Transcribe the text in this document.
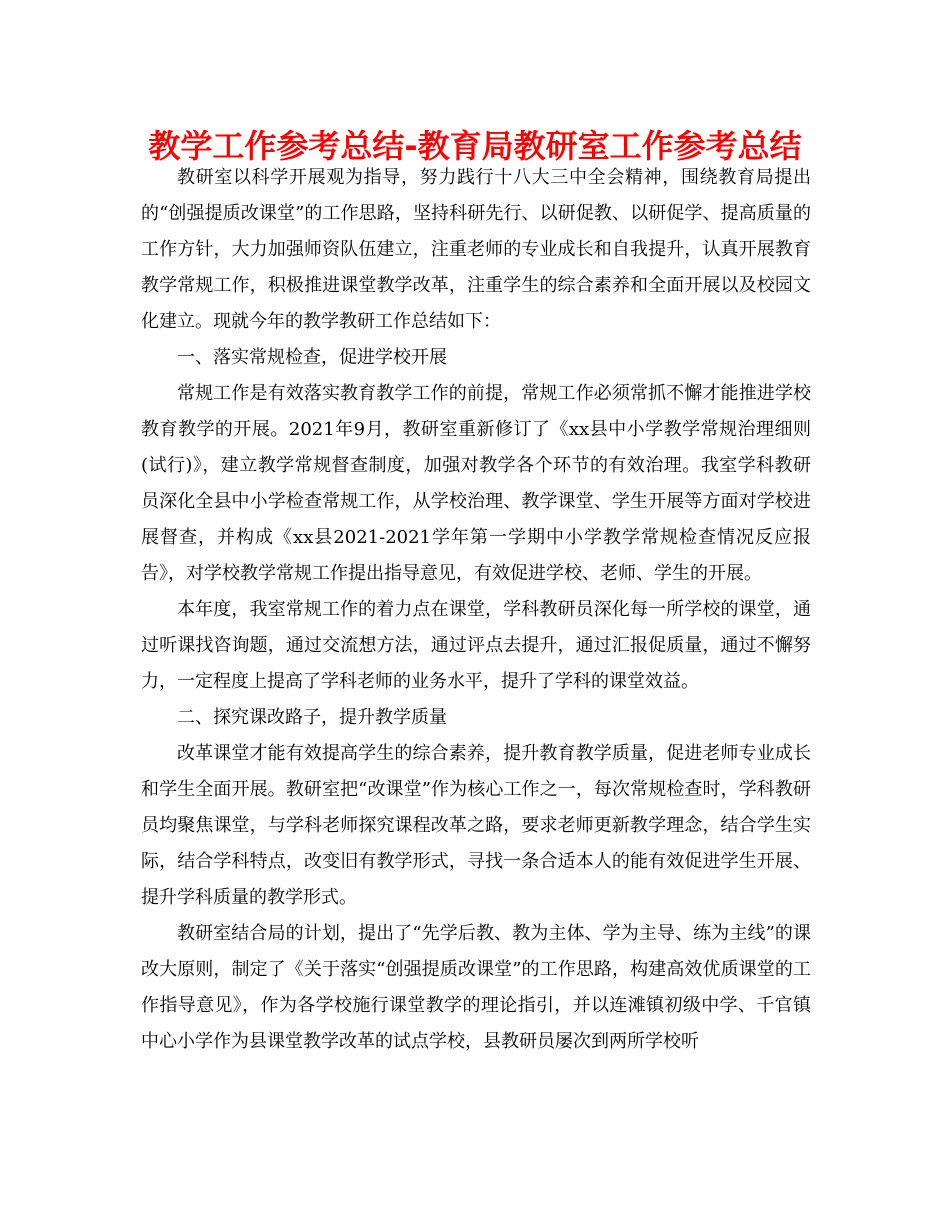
教学工作参考总结-教育局教研室工作参考总结

教研室以科学开展观为指导，努力践行十八大三中全会精神，围绕教育局提出的“创强提质改课堂”的工作思路，坚持科研先行、以研促教、以研促学、提高质量的工作方针，大力加强师资队伍建立，注重老师的专业成长和自我提升，认真开展教育教学常规工作，积极推进课堂教学改革，注重学生的综合素养和全面开展以及校园文化建立。现就今年的教学教研工作总结如下：

一、落实常规检查，促进学校开展

常规工作是有效落实教育教学工作的前提，常规工作必须常抓不懈才能推进学校教育教学的开展。2021年9月，教研室重新修订了《xx县中小学教学常规治理细则(试行)》，建立教学常规督查制度，加强对教学各个环节的有效治理。我室学科教研员深化全县中小学检查常规工作，从学校治理、教学课堂、学生开展等方面对学校进展督查，并构成《xx县2021-2021学年第一学期中小学教学常规检查情况反应报告》，对学校教学常规工作提出指导意见，有效促进学校、老师、学生的开展。

本年度，我室常规工作的着力点在课堂，学科教研员深化每一所学校的课堂，通过听课找咨询题，通过交流想方法，通过评点去提升，通过汇报促质量，通过不懈努力，一定程度上提高了学科老师的业务水平，提升了学科的课堂效益。

二、探究课改路子，提升教学质量

改革课堂才能有效提高学生的综合素养，提升教育教学质量，促进老师专业成长和学生全面开展。教研室把“改课堂”作为核心工作之一，每次常规检查时，学科教研员均聚焦课堂，与学科老师探究课程改革之路，要求老师更新教学理念，结合学生实际，结合学科特点，改变旧有教学形式，寻找一条合适本人的能有效促进学生开展、提升学科质量的教学形式。

教研室结合局的计划，提出了“先学后教、教为主体、学为主导、练为主线”的课改大原则，制定了《关于落实“创强提质改课堂”的工作思路，构建高效优质课堂的工作指导意见》，作为各学校施行课堂教学的理论指引，并以连滩镇初级中学、千官镇中心小学作为县课堂教学改革的试点学校，县教研员屡次到两所学校听
